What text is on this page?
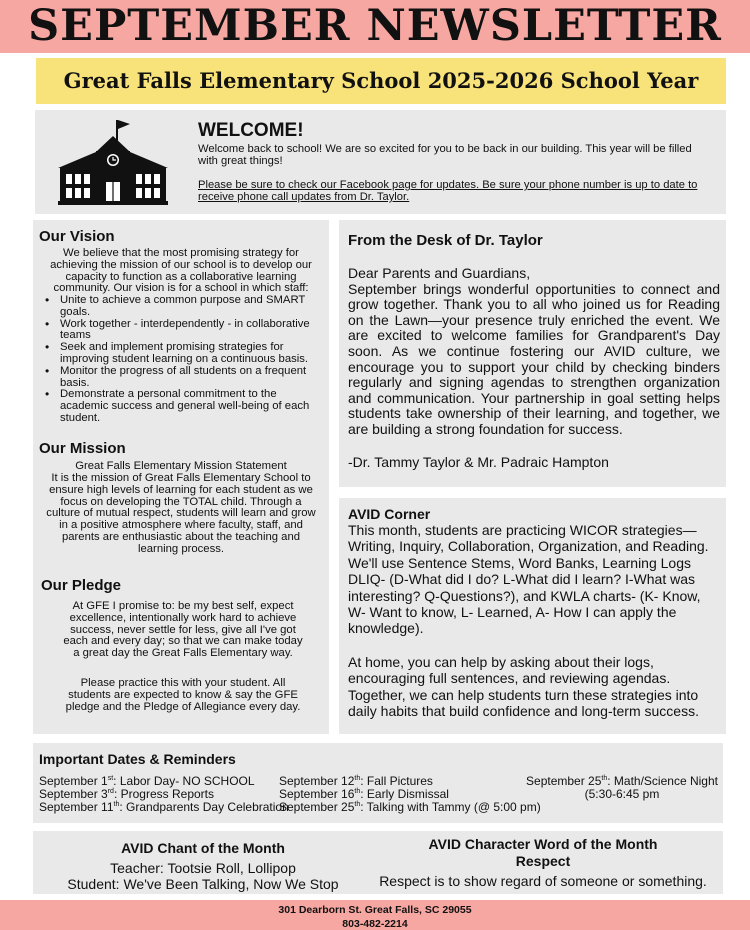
SEPTEMBER NEWSLETTER
Great Falls Elementary School 2025-2026 School Year
WELCOME!
Welcome back to school! We are so excited for you to be back in our building. This year will be filled with great things!
Please be sure to check our Facebook page for updates. Be sure your phone number is up to date to receive phone call updates from Dr. Taylor.
Our Vision
We believe that the most promising strategy for achieving the mission of our school is to develop our capacity to function as a collaborative learning community. Our vision is for a school in which staff:
• Unite to achieve a common purpose and SMART goals.
• Work together - interdependently - in collaborative teams
• Seek and implement promising strategies for improving student learning on a continuous basis.
• Monitor the progress of all students on a frequent basis.
• Demonstrate a personal commitment to the academic success and general well-being of each student.
Our Mission
Great Falls Elementary Mission Statement
It is the mission of Great Falls Elementary School to ensure high levels of learning for each student as we focus on developing the TOTAL child. Through a culture of mutual respect, students will learn and grow in a positive atmosphere where faculty, staff, and parents are enthusiastic about the teaching and learning process.
Our Pledge
At GFE I promise to: be my best self, expect excellence, intentionally work hard to achieve success, never settle for less, give all I've got each and every day; so that we can make today a great day the Great Falls Elementary way.
Please practice this with your student. All students are expected to know & say the GFE pledge and the Pledge of Allegiance every day.
From the Desk of Dr. Taylor
Dear Parents and Guardians,
September brings wonderful opportunities to connect and grow together. Thank you to all who joined us for Reading on the Lawn—your presence truly enriched the event. We are excited to welcome families for Grandparent's Day soon. As we continue fostering our AVID culture, we encourage you to support your child by checking binders regularly and signing agendas to strengthen organization and communication. Your partnership in goal setting helps students take ownership of their learning, and together, we are building a strong foundation for success.
-Dr. Tammy Taylor & Mr. Padraic Hampton
AVID Corner
This month, students are practicing WICOR strategies—Writing, Inquiry, Collaboration, Organization, and Reading. We'll use Sentence Stems, Word Banks, Learning Logs DLIQ- (D-What did I do? L-What did I learn? I-What was interesting? Q-Questions?), and KWLA charts- (K- Know, W- Want to know, L- Learned, A- How I can apply the knowledge).
At home, you can help by asking about their logs, encouraging full sentences, and reviewing agendas. Together, we can help students turn these strategies into daily habits that build confidence and long-term success.
Important Dates & Reminders
September 1st: Labor Day- NO SCHOOL
September 3rd: Progress Reports
September 11th: Grandparents Day Celebration
September 12th: Fall Pictures
September 16th: Early Dismissal
September 25th: Talking with Tammy (@ 5:00 pm)
September 25th: Math/Science Night
(5:30-6:45 pm
AVID Chant of the Month
Teacher: Tootsie Roll, Lollipop
Student: We've Been Talking, Now We Stop
AVID Character Word of the Month
Respect
Respect is to show regard of someone or something.
301 Dearborn St. Great Falls, SC 29055
803-482-2214
